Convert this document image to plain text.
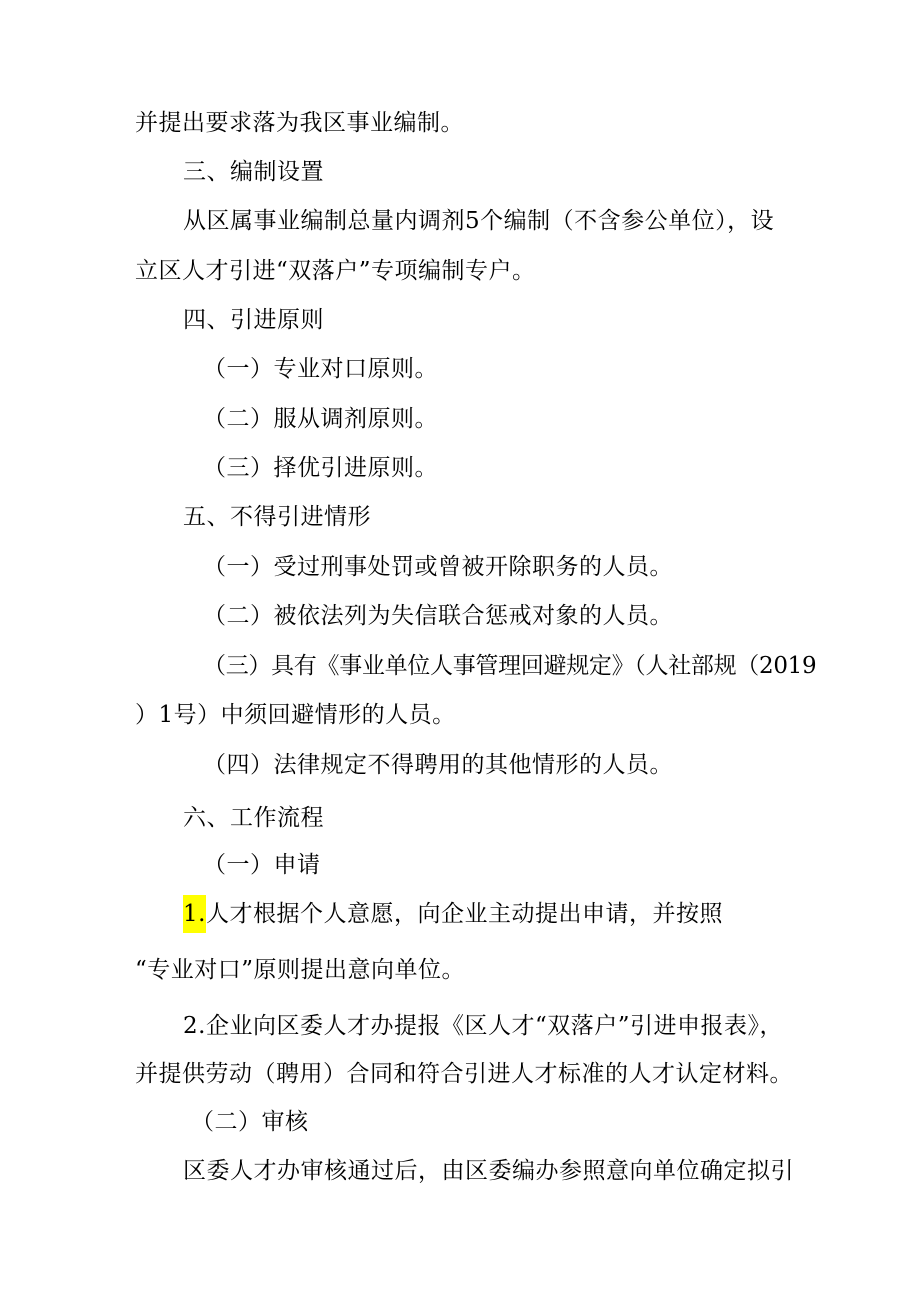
并提出要求落为我区事业编制。
三、编制设置
从区属事业编制总量内调剂5个编制（不含参公单位），设
立区人才引进“双落户”专项编制专户。
四、引进原则
（一）专业对口原则。
（二）服从调剂原则。
（三）择优引进原则。
五、不得引进情形
（一）受过刑事处罚或曾被开除职务的人员。
（二）被依法列为失信联合惩戒对象的人员。
（三）具有《事业单位人事管理回避规定》（人社部规（2019
）1号）中须回避情形的人员。
（四）法律规定不得聘用的其他情形的人员。
六、工作流程
（一）申请
1.人才根据个人意愿，向企业主动提出申请，并按照
“专业对口”原则提出意向单位。
2.企业向区委人才办提报《区人才“双落户”引进申报表》，
并提供劳动（聘用）合同和符合引进人才标准的人才认定材料。
（二）审核
区委人才办审核通过后，由区委编办参照意向单位确定拟引
